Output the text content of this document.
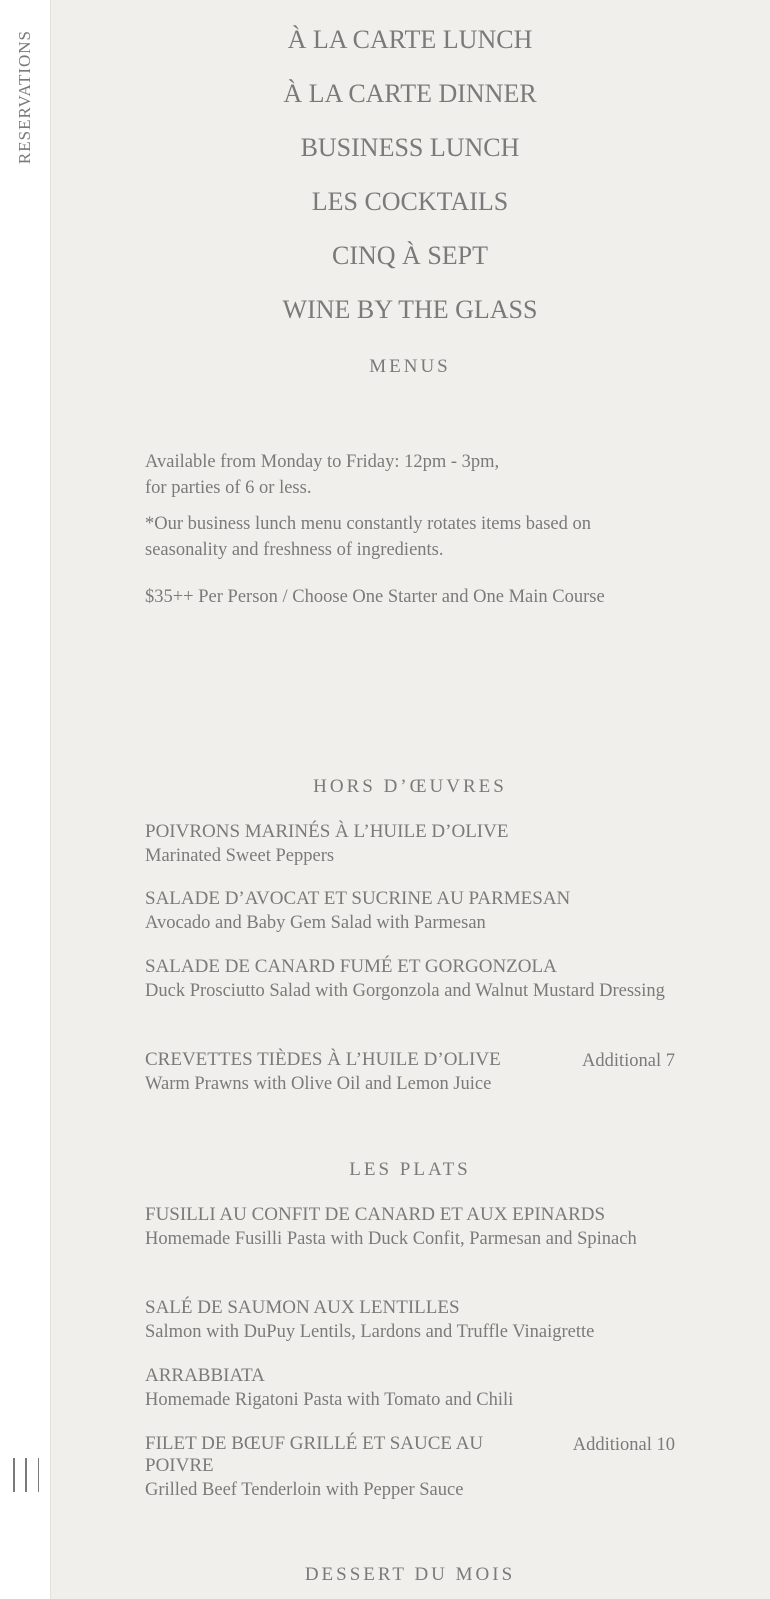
RESERVATIONS	À LA CARTE LUNCH
À LA CARTE DINNER
BUSINESS LUNCH
LES COCKTAILS
CINQ À SEPT
WINE BY THE GLASS
MENUS

Available from Monday to Friday: 12pm - 3pm,

for parties of 6 or less.

*Our business lunch menu constantly rotates items based on seasonality and freshness of ingredients.

$35++ Per Person / Choose One Starter and One Main Course

HORS D’ŒUVRES
POIVRONS MARINÉS À L’HUILE D’OLIVE
Marinated Sweet Peppers
SALADE D’AVOCAT ET SUCRINE AU PARMESAN
Avocado and Baby Gem Salad with Parmesan
SALADE DE CANARD FUMÉ ET GORGONZOLA
Duck Prosciutto Salad with Gorgonzola and Walnut Mustard Dressing
CREVETTES TIÈDES À L’HUILE D’OLIVE
Warm Prawns with Olive Oil and Lemon Juice
Additional 7
LES PLATS
FUSILLI AU CONFIT DE CANARD ET AUX EPINARDS
Homemade Fusilli Pasta with Duck Confit, Parmesan and Spinach
SALÉ DE SAUMON AUX LENTILLES
Salmon with DuPuy Lentils, Lardons and Truffle Vinaigrette
ARRABBIATA
Homemade Rigatoni Pasta with Tomato and Chili
FILET DE BŒUF GRILLÉ ET SAUCE AU POIVRE
Grilled Beef Tenderloin with Pepper Sauce
Additional 10
DESSERT DU MOIS
